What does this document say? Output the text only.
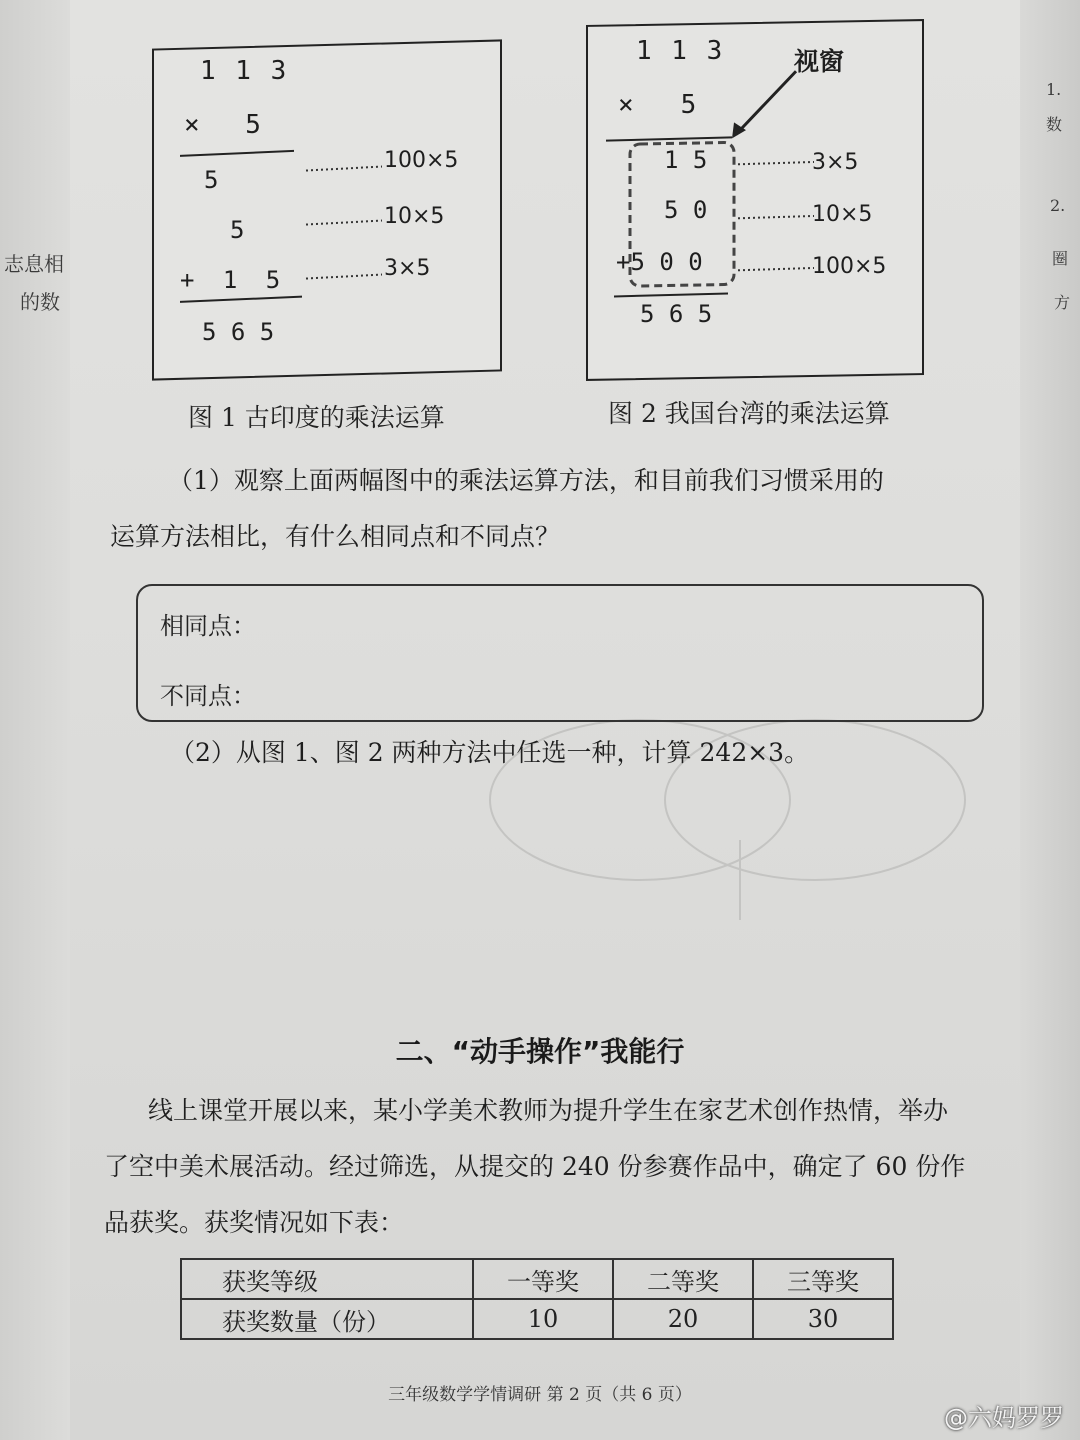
志息相
的数
1.
数
2.
圈
方
1 1 3
× 5
5
5
+ 1 5
5 6 5
100×5
10×5
3×5
图 1 古印度的乘法运算
1 1 3
×   5
视窗
1 5
5 0
+5 0 0
5 6 5
3×5
10×5
100×5
图 2 我国台湾的乘法运算
（1）观察上面两幅图中的乘法运算方法，和目前我们习惯采用的
运算方法相比，有什么相同点和不同点？
相同点：
不同点：
（2）从图 1、图 2 两种方法中任选一种，计算 242×3。
二、“动手操作”我能行
线上课堂开展以来，某小学美术教师为提升学生在家艺术创作热情，举办
了空中美术展活动。经过筛选，从提交的 240 份参赛作品中，确定了 60 份作
品获奖。获奖情况如下表：
获奖等级	一等奖	二等奖	三等奖
获奖数量（份）	10	20	30
三年级数学学情调研 第 2 页（共 6 页）
@六妈罗罗
